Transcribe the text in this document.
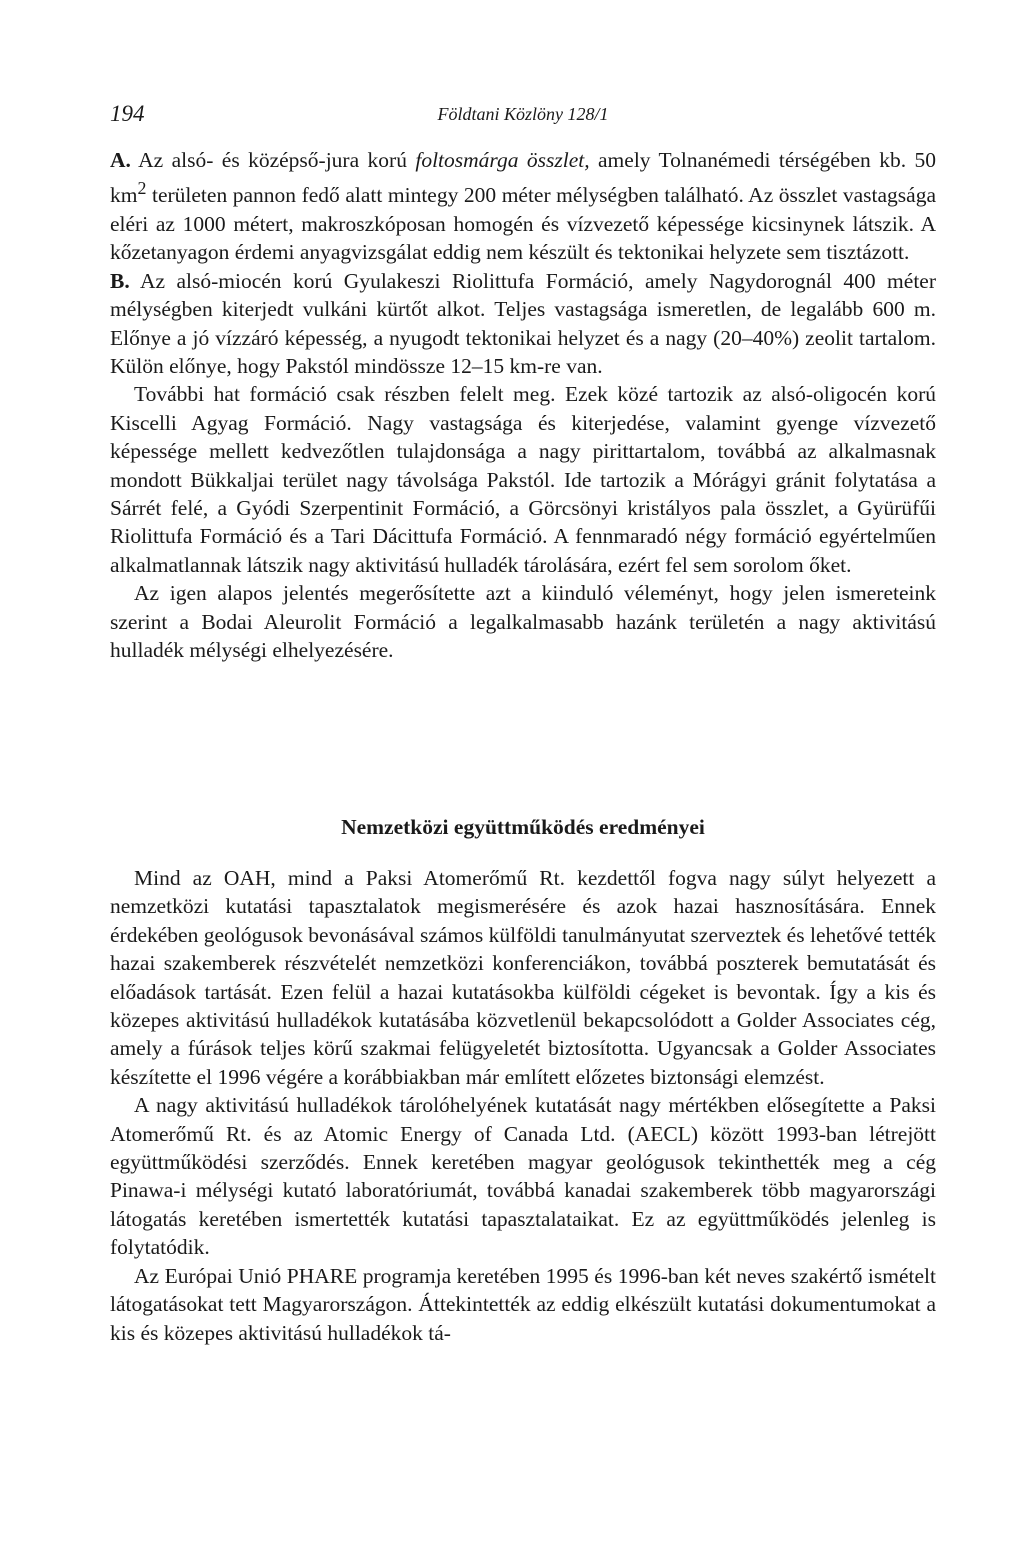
194	Földtani Közlöny 128/1

A. Az alsó- és középső-jura korú foltosmárga összlet, amely Tolnanémedi térségében kb. 50 $km^2$ területen pannon fedő alatt mintegy 200 méter mélységben található. Az összlet vastagsága eléri az 1000 métert, makroszkóposan homogén és vízvezető képessége kicsinynek látszik. A kőzetanyagon érdemi anyagvizsgálat eddig nem készült és tektonikai helyzete sem tisztázott.

B. Az alsó-miocén korú Gyulakeszi Riolittufa Formáció, amely Nagydorognál 400 méter mélységben kiterjedt vulkáni kürtőt alkot. Teljes vastagsága ismeretlen, de legalább 600 m. Előnye a jó vízzáró képesség, a nyugodt tektonikai helyzet és a nagy (20–40%) zeolit tartalom. Külön előnye, hogy Pakstól mindössze 12–15 km-re van.

További hat formáció csak részben felelt meg. Ezek közé tartozik az alsó-oligocén korú Kiscelli Agyag Formáció. Nagy vastagsága és kiterjedése, valamint gyenge vízvezető képessége mellett kedvezőtlen tulajdonsága a nagy pirittartalom, továbbá az alkalmasnak mondott Bükkaljai terület nagy távolsága Pakstól. Ide tartozik a Mórágyi gránit folytatása a Sárrét felé, a Gyódi Szerpentinit Formáció, a Görcsönyi kristályos pala összlet, a Gyürüfűi Riolittufa Formáció és a Tari Dácittufa Formáció. A fennmaradó négy formáció egyértelműen alkalmatlannak látszik nagy aktivitású hulladék tárolására, ezért fel sem sorolom őket.

Az igen alapos jelentés megerősítette azt a kiinduló véleményt, hogy jelen ismereteink szerint a Bodai Aleurolit Formáció a legalkalmasabb hazánk területén a nagy aktivitású hulladék mélységi elhelyezésére.

Nemzetközi együttműködés eredményei

Mind az OAH, mind a Paksi Atomerőmű Rt. kezdettől fogva nagy súlyt helyezett a nemzetközi kutatási tapasztalatok megismerésére és azok hazai hasznosítására. Ennek érdekében geológusok bevonásával számos külföldi tanulmányutat szerveztek és lehetővé tették hazai szakemberek részvételét nemzetközi konferenciákon, továbbá poszterek bemutatását és előadások tartását. Ezen felül a hazai kutatásokba külföldi cégeket is bevontak. Így a kis és közepes aktivitású hulladékok kutatásába közvetlenül bekapcsolódott a Golder Associates cég, amely a fúrások teljes körű szakmai felügyeletét biztosította. Ugyancsak a Golder Associates készítette el 1996 végére a korábbiakban már említett előzetes biztonsági elemzést.

A nagy aktivitású hulladékok tárolóhelyének kutatását nagy mértékben elősegítette a Paksi Atomerőmű Rt. és az Atomic Energy of Canada Ltd. (AECL) között 1993-ban létrejött együttműködési szerződés. Ennek keretében magyar geológusok tekinthették meg a cég Pinawa-i mélységi kutató laboratóriumát, továbbá kanadai szakemberek több magyarországi látogatás keretében ismertették kutatási tapasztalataikat. Ez az együttműködés jelenleg is folytatódik.

Az Európai Unió PHARE programja keretében 1995 és 1996-ban két neves szakértő ismételt látogatásokat tett Magyarországon. Áttekintették az eddig elkészült kutatási dokumentumokat a kis és közepes aktivitású hulladékok tá-
